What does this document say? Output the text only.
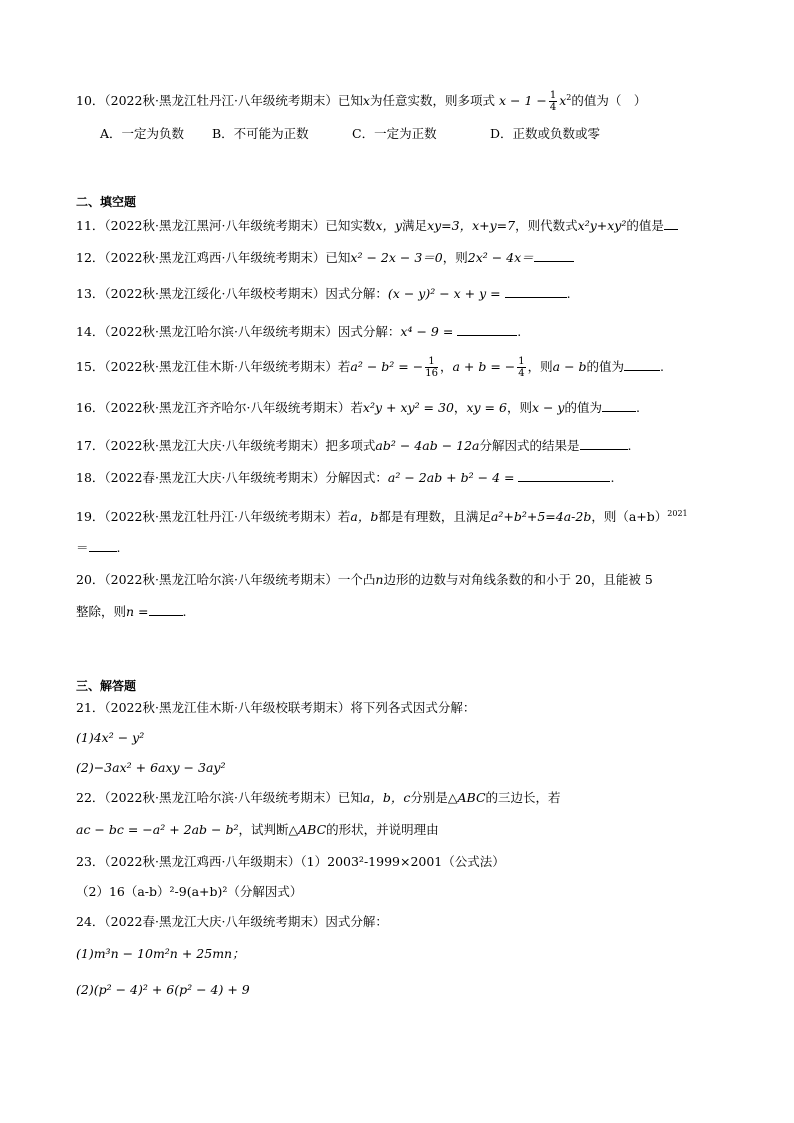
10．（2022秋·黑龙江牡丹江·八年级统考期末）已知x为任意实数，则多项式 $x - 1 - \frac{1}{4} x^2$的值为（　）
A．一定为负数	B．不可能为正数	C．一定为正数	D．正数或负数或零
二、填空题
11．（2022秋·黑龙江黑河·八年级统考期末）已知实数x，y满足xy=3，x+y=7，则代数式x²y+xy²的值是
12．（2022秋·黑龙江鸡西·八年级统考期末）已知x² − 2x − 3＝0，则2x² − 4x＝
13．（2022秋·黑龙江绥化·八年级校考期末）因式分解：(x − y)² − x + y =	.
14．（2022秋·黑龙江哈尔滨·八年级统考期末）因式分解：x⁴ − 9 =	.
15．（2022秋·黑龙江佳木斯·八年级统考期末）若a² − b² = − $\frac{1}{16}$ ，a + b = − $\frac{1}{4}$ ，则a − b的值为	.
16．（2022秋·黑龙江齐齐哈尔·八年级统考期末）若x²y + xy² = 30，xy = 6，则x − y的值为	.
17．（2022秋·黑龙江大庆·八年级统考期末）把多项式ab² − 4ab − 12a分解因式的结果是	.
18．（2022春·黑龙江大庆·八年级统考期末）分解因式：a² − 2ab + b² − 4 =	.
19．（2022秋·黑龙江牡丹江·八年级统考期末）若a，b都是有理数，且满足a²+b²+5=4a-2b，则$(a+b)^{2021}$
＝ .
20．（2022秋·黑龙江哈尔滨·八年级统考期末）一个凸n边形的边数与对角线条数的和小于 20，且能被 5
整除，则n =	.
三、解答题
21．（2022秋·黑龙江佳木斯·八年级校联考期末）将下列各式因式分解：
(1)4x² − y²
(2)−3ax² + 6axy − 3ay²
22．（2022秋·黑龙江哈尔滨·八年级统考期末）已知a，b，c分别是△ABC的三边长，若
ac − bc = −a² + 2ab − b²，试判断△ABC的形状，并说明理由
23．（2022秋·黑龙江鸡西·八年级期末）（1）2003²-1999×2001（公式法）
（2）16（a-b）²-9(a+b)²（分解因式）
24．（2022春·黑龙江大庆·八年级统考期末）因式分解：
(1)m³n − 10m²n + 25mn；
(2)(p² − 4)² + 6(p² − 4) + 9
